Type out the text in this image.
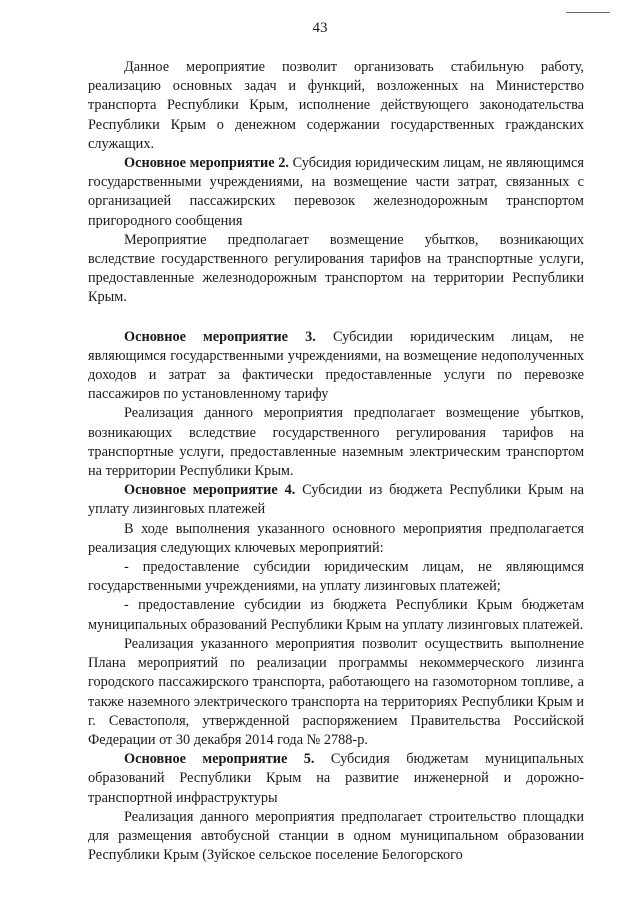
43

Данное мероприятие позволит организовать стабильную работу, реализацию основных задач и функций, возложенных на Министерство транспорта Республики Крым, исполнение действующего законодательства Республики Крым о денежном содержании государственных гражданских служащих.

Основное мероприятие 2. Субсидия юридическим лицам, не являющимся государственными учреждениями, на возмещение части затрат, связанных с организацией пассажирских перевозок железнодорожным транспортом пригородного сообщения

Мероприятие предполагает возмещение убытков, возникающих вследствие государственного регулирования тарифов на транспортные услуги, предоставленные железнодорожным транспортом на территории Республики Крым.

Основное мероприятие 3. Субсидии юридическим лицам, не являющимся государственными учреждениями, на возмещение недополученных доходов и затрат за фактически предоставленные услуги по перевозке пассажиров по установленному тарифу

Реализация данного мероприятия предполагает возмещение убытков, возникающих вследствие государственного регулирования тарифов на транспортные услуги, предоставленные наземным электрическим транспортом на территории Республики Крым.

Основное мероприятие 4. Субсидии из бюджета Республики Крым на уплату лизинговых платежей

В ходе выполнения указанного основного мероприятия предполагается реализация следующих ключевых мероприятий:

- предоставление субсидии юридическим лицам, не являющимся государственными учреждениями, на уплату лизинговых платежей;

- предоставление субсидии из бюджета Республики Крым бюджетам муниципальных образований Республики Крым на уплату лизинговых платежей.

Реализация указанного мероприятия позволит осуществить выполнение Плана мероприятий по реализации программы некоммерческого лизинга городского пассажирского транспорта, работающего на газомоторном топливе, а также наземного электрического транспорта на территориях Республики Крым и г. Севастополя, утвержденной распоряжением Правительства Российской Федерации от 30 декабря 2014 года № 2788-р.

Основное мероприятие 5. Субсидия бюджетам муниципальных образований Республики Крым на развитие инженерной и дорожно-транспортной инфраструктуры

Реализация данного мероприятия предполагает строительство площадки для размещения автобусной станции в одном муниципальном образовании Республики Крым (Зуйское сельское поселение Белогорского
